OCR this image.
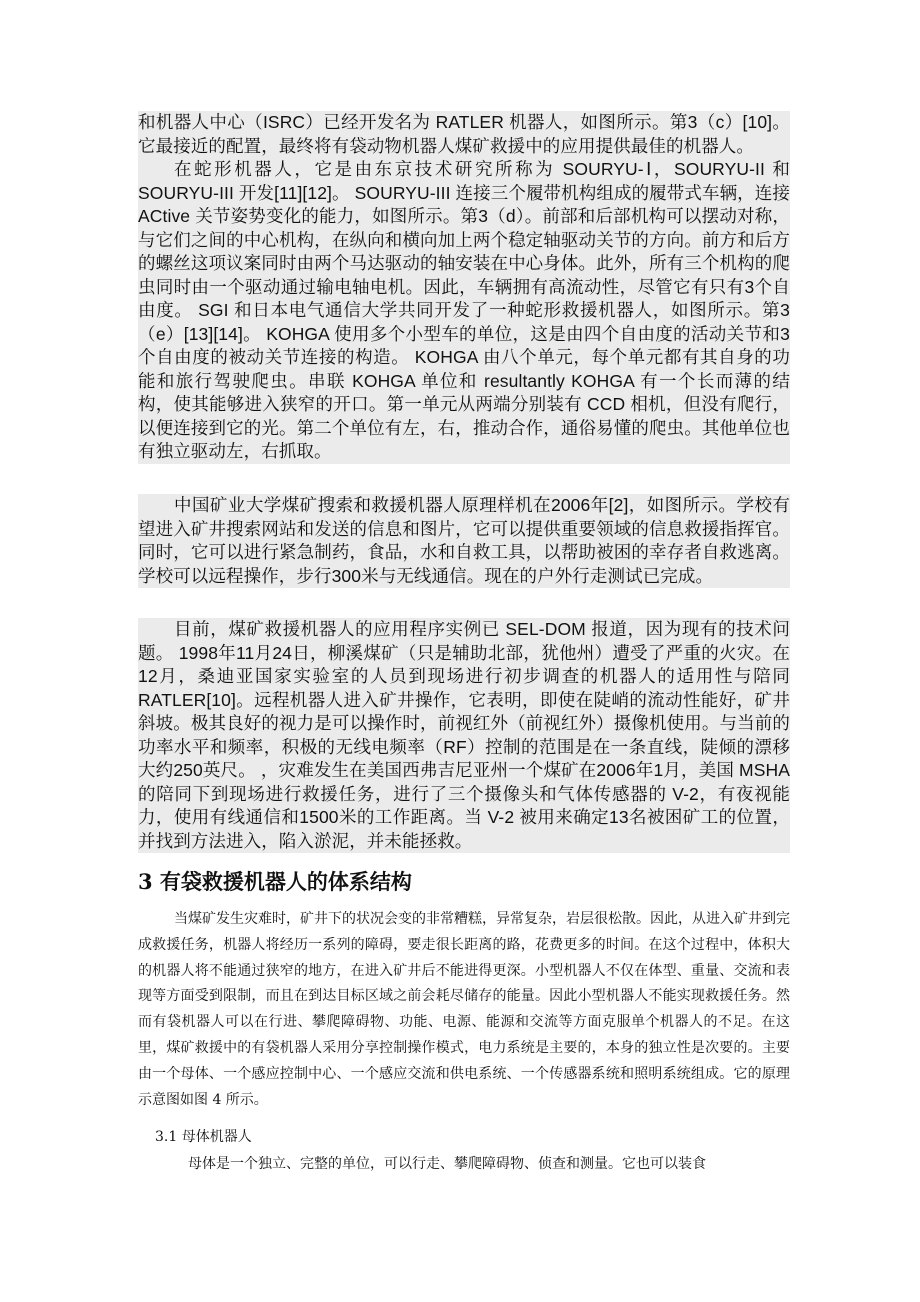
和机器人中心（ISRC）已经开发名为 RATLER 机器人，如图所示。第3（c）[10]。它最接近的配置，最终将有袋动物机器人煤矿救援中的应用提供最佳的机器人。

在蛇形机器人，它是由东京技术研究所称为 SOURYU-Ⅰ，SOURYU-II 和 SOURYU-III 开发[11][12]。 SOURYU-III 连接三个履带机构组成的履带式车辆，连接 ACtive 关节姿势变化的能力，如图所示。第3（d）。前部和后部机构可以摆动对称，与它们之间的中心机构，在纵向和横向加上两个稳定轴驱动关节的方向。前方和后方的螺丝这项议案同时由两个马达驱动的轴安装在中心身体。此外，所有三个机构的爬虫同时由一个驱动通过输电轴电机。因此，车辆拥有高流动性，尽管它有只有3个自由度。 SGI 和日本电气通信大学共同开发了一种蛇形救援机器人，如图所示。第3（e）[13][14]。 KOHGA 使用多个小型车的单位，这是由四个自由度的活动关节和3个自由度的被动关节连接的构造。 KOHGA 由八个单元，每个单元都有其自身的功能和旅行驾驶爬虫。串联 KOHGA 单位和 resultantly KOHGA 有一个长而薄的结构，使其能够进入狭窄的开口。第一单元从两端分别装有 CCD 相机，但没有爬行，以便连接到它的光。第二个单位有左，右，推动合作，通俗易懂的爬虫。其他单位也有独立驱动左，右抓取。

中国矿业大学煤矿搜索和救援机器人原理样机在2006年[2]，如图所示。学校有望进入矿井搜索网站和发送的信息和图片，它可以提供重要领域的信息救援指挥官。同时，它可以进行紧急制药，食品，水和自救工具，以帮助被困的幸存者自救逃离。学校可以远程操作，步行300米与无线通信。现在的户外行走测试已完成。

目前，煤矿救援机器人的应用程序实例已 SEL-DOM 报道，因为现有的技术问题。 1998年11月24日，柳溪煤矿（只是辅助北部，犹他州）遭受了严重的火灾。在12月，桑迪亚国家实验室的人员到现场进行初步调查的机器人的适用性与陪同 RATLER[10]。远程机器人进入矿井操作，它表明，即使在陡峭的流动性能好，矿井斜坡。极其良好的视力是可以操作时，前视红外（前视红外）摄像机使用。与当前的功率水平和频率，积极的无线电频率（RF）控制的范围是在一条直线，陡倾的漂移大约250英尺。 ，灾难发生在美国西弗吉尼亚州一个煤矿在2006年1月，美国 MSHA 的陪同下到现场进行救援任务，进行了三个摄像头和气体传感器的 V-2，有夜视能力，使用有线通信和1500米的工作距离。当 V-2 被用来确定13名被困矿工的位置，并找到方法进入，陷入淤泥，并未能拯救。

3 有袋救援机器人的体系结构
当煤矿发生灾难时，矿井下的状况会变的非常糟糕，异常复杂，岩层很松散。因此，从进入矿井到完成救援任务，机器人将经历一系列的障碍，要走很长距离的路，花费更多的时间。在这个过程中，体积大的机器人将不能通过狭窄的地方，在进入矿井后不能进得更深。小型机器人不仅在体型、重量、交流和表现等方面受到限制，而且在到达目标区域之前会耗尽储存的能量。因此小型机器人不能实现救援任务。然而有袋机器人可以在行进、攀爬障碍物、功能、电源、能源和交流等方面克服单个机器人的不足。在这里，煤矿救援中的有袋机器人采用分享控制操作模式，电力系统是主要的，本身的独立性是次要的。主要由一个母体、一个感应控制中心、一个感应交流和供电系统、一个传感器系统和照明系统组成。它的原理示意图如图 4 所示。

3.1 母体机器人

母体是一个独立、完整的单位，可以行走、攀爬障碍物、侦查和测量。它也可以装食
